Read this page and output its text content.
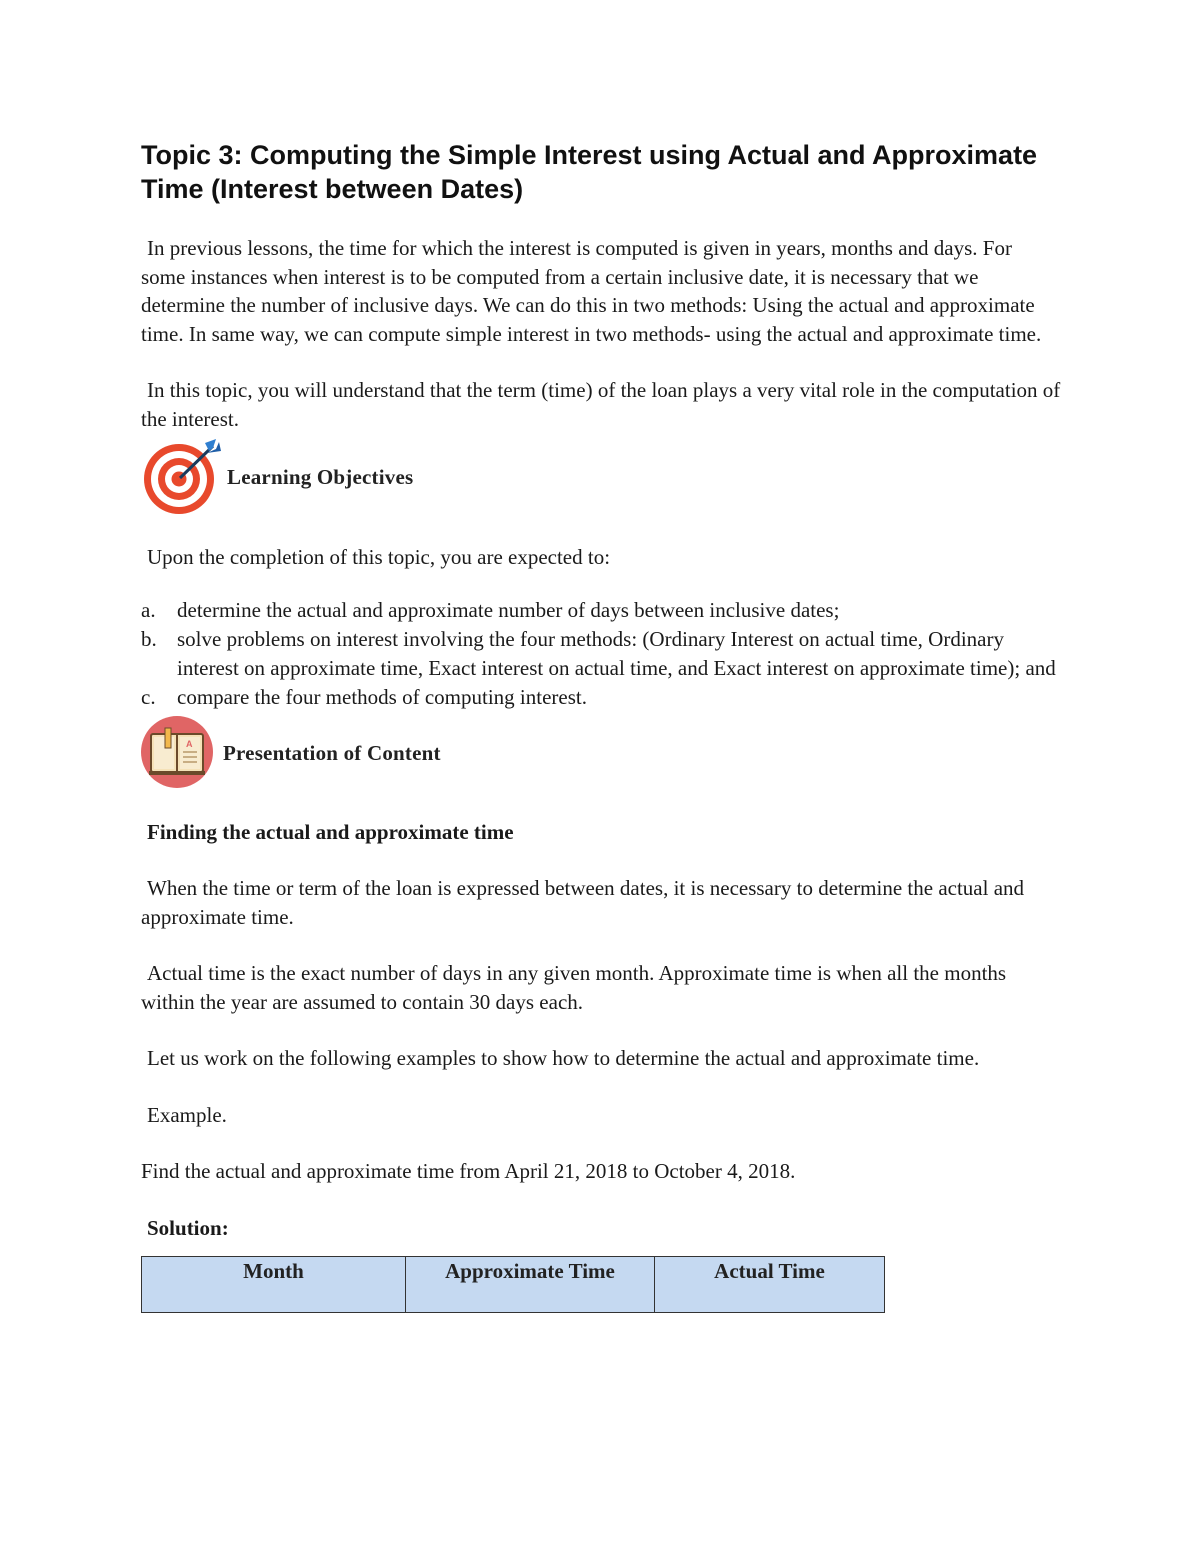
Topic 3: Computing the Simple Interest using Actual and Approximate Time (Interest between Dates)

In previous lessons, the time for which the interest is computed is given in years, months and days. For some instances when interest is to be computed from a certain inclusive date, it is necessary that we determine the number of inclusive days. We can do this in two methods: Using the actual and approximate time. In same way, we can compute simple interest in two methods- using the actual and approximate time.

In this topic, you will understand that the term (time) of the loan plays a very vital role in the computation of the interest.

Learning Objectives

Upon the completion of this topic, you are expected to:

a.	determine the actual and approximate number of days between inclusive dates;
b. solve problems on interest involving the four methods: (Ordinary Interest on actual time, Ordinary interest on approximate time, Exact interest on actual time, and Exact interest on approximate time); and
c.	compare the four methods of computing interest.
A Presentation of Content

Finding the actual and approximate time

When the time or term of the loan is expressed between dates, it is necessary to determine the actual and approximate time.

Actual time is the exact number of days in any given month. Approximate time is when all the months within the year are assumed to contain 30 days each.

Let us work on the following examples to show how to determine the actual and approximate time.

Example.

Find the actual and approximate time from April 21, 2018 to October 4, 2018.

Solution:

Month	Approximate Time	Actual Time
